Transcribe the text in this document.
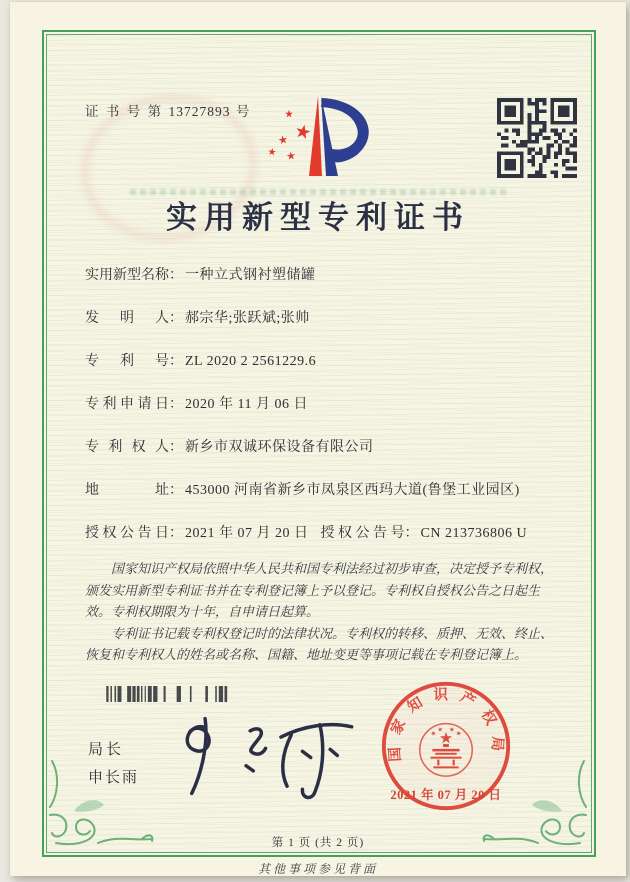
证 书 号 第 13727893 号
实用新型专利证书
实用新型名称： 一种立式钢衬塑储罐
发明人： 郝宗华;张跃斌;张帅
专利号： ZL 2020 2 2561229.6
专利申请日： 2020 年 11 月 06 日
专利权人： 新乡市双诚环保设备有限公司
地址： 453000 河南省新乡市凤泉区西玛大道(鲁堡工业园区)
授权公告日： 2021 年 07 月 20 日 授权公告号： CN 213736806 U

国家知识产权局依照中华人民共和国专利法经过初步审查，决定授予专利权，颁发实用新型专利证书并在专利登记簿上予以登记。专利权自授权公告之日起生效。专利权期限为十年，自申请日起算。

专利证书记载专利权登记时的法律状况。专利权的转移、质押、无效、终止、恢复和专利权人的姓名或名称、国籍、地址变更等事项记载在专利登记簿上。

局长
申长雨
国家知识产权局
2021 年 07 月 20 日
第 1 页 (共 2 页)
其他事项参见背面
